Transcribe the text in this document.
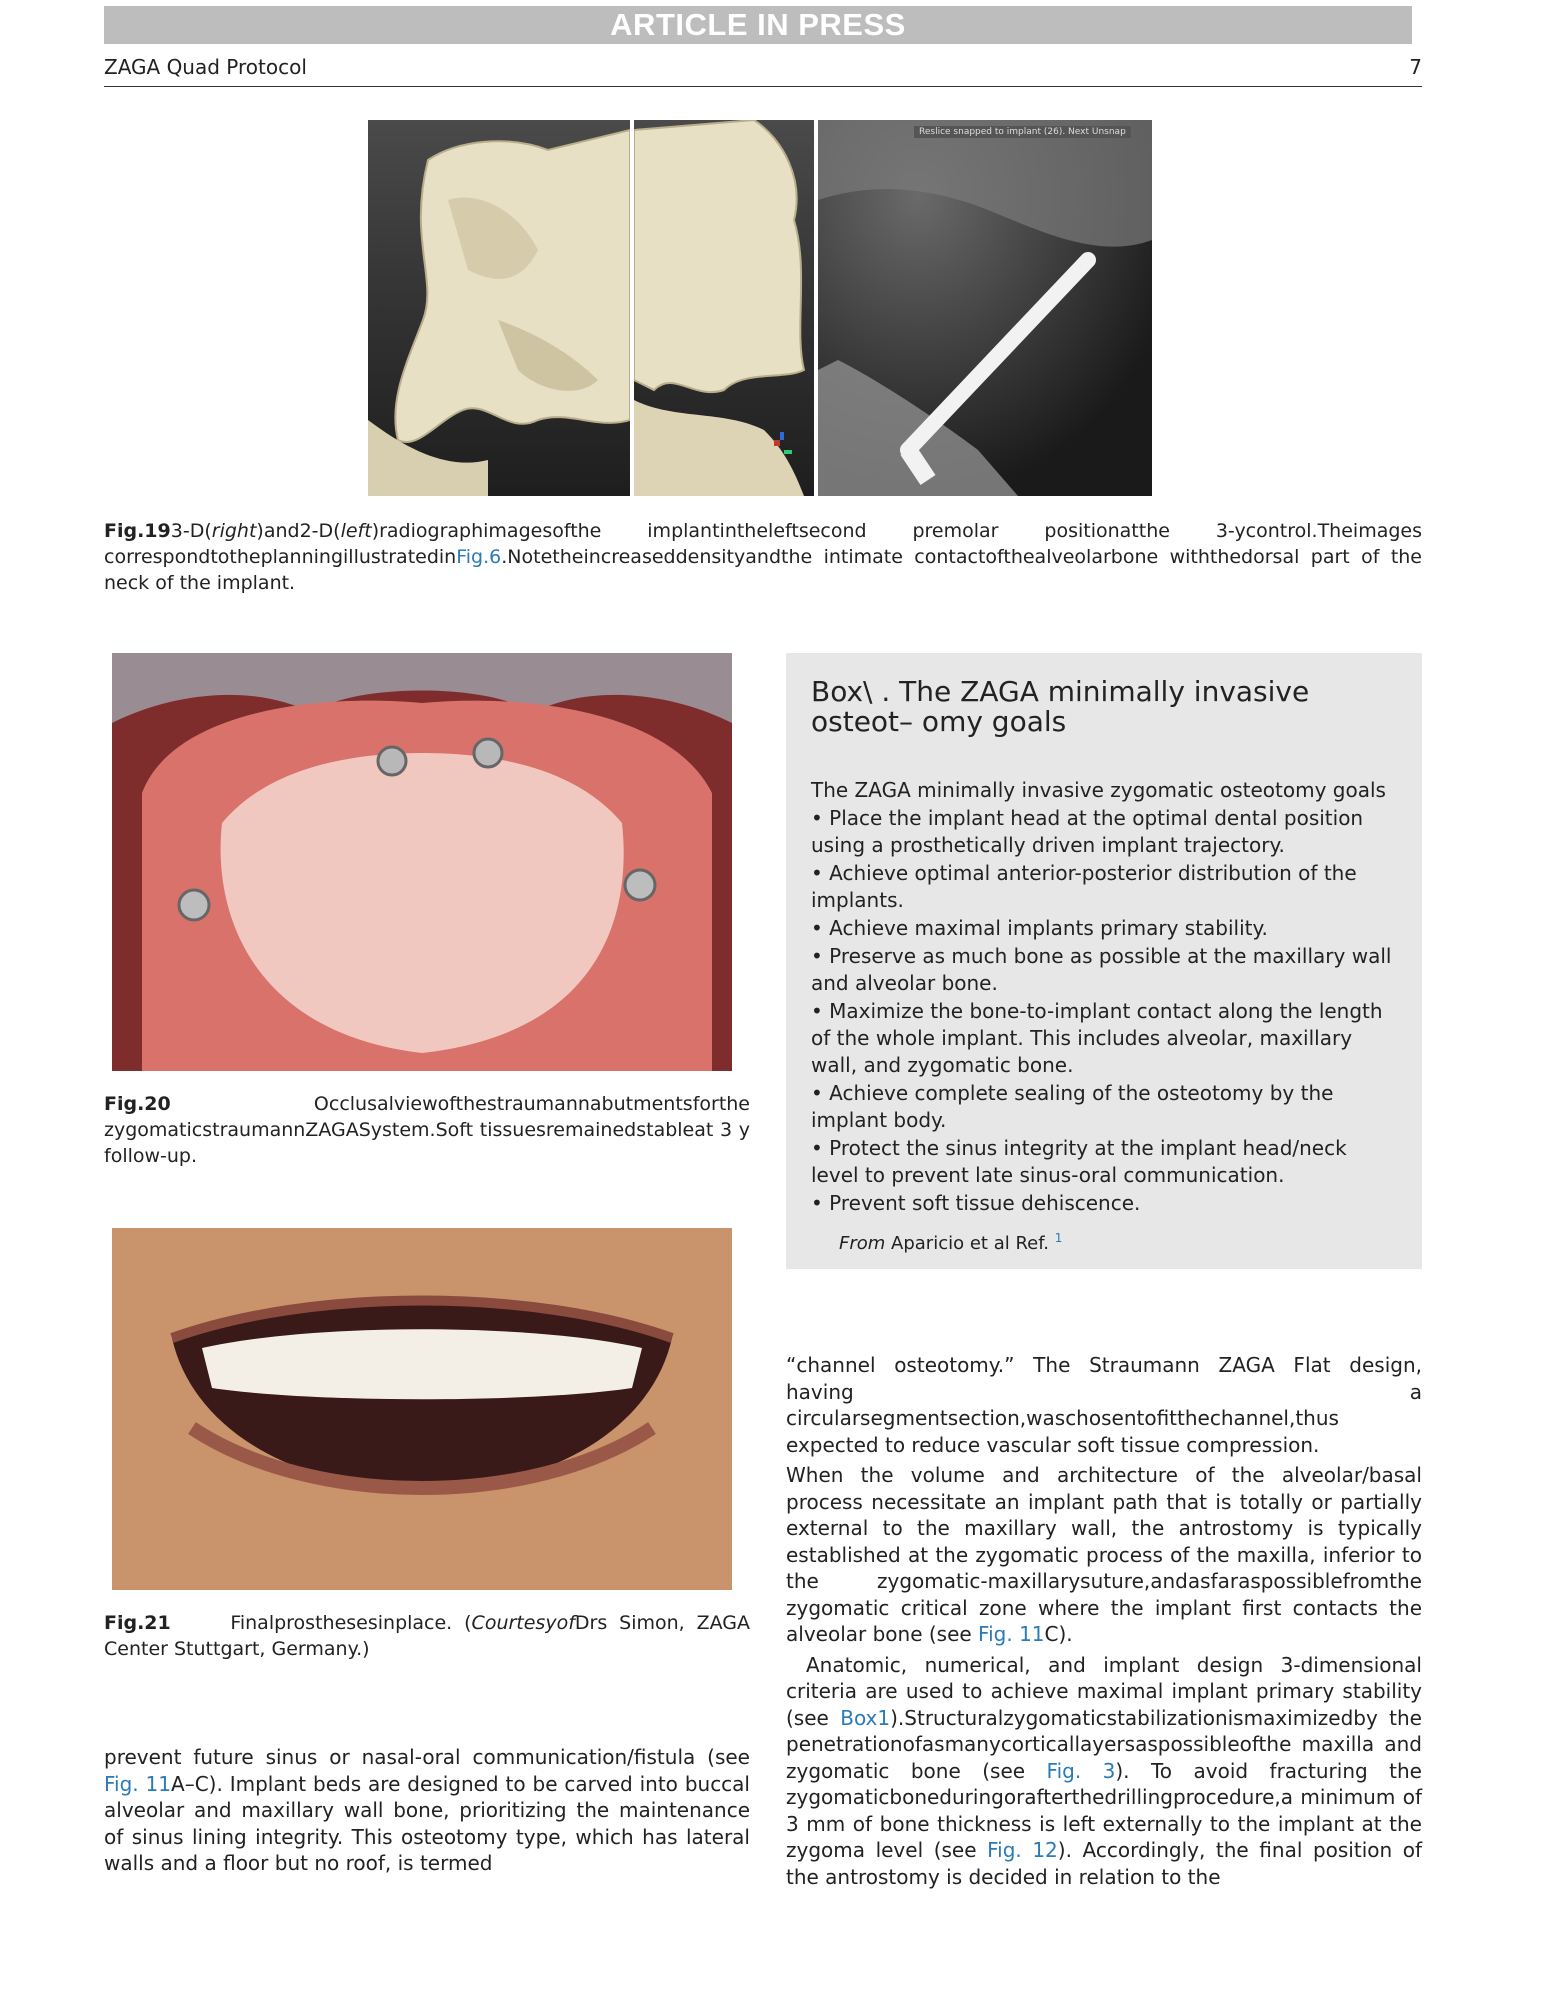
ARTICLE IN PRESS
ZAGA Quad Protocol	7
Reslice snapped to implant (26). Next Unsnap
Fig.193-D(right)and2-D(left)radiographimagesofthe implantintheleftsecond premolar positionatthe 3-ycontrol.Theimages correspondtotheplanningillustratedinFig.6.Notetheincreaseddensityandthe intimate contactofthealveolarbone withthedorsal part of the neck of the implant.
Fig.20	Occlusalviewofthestraumannabutmentsforthe zygomaticstraumannZAGASystem.Soft tissuesremainedstableat 3 y follow-up.
Fig.21	Finalprosthesesinplace. (CourtesyofDrs Simon, ZAGA Center Stuttgart, Germany.)
Box\ . The ZAGA minimally invasive osteot– omy goals
The ZAGA minimally invasive zygomatic osteotomy goals
• Place the implant head at the optimal dental position using a prosthetically driven implant trajectory.
• Achieve optimal anterior-posterior distribution of the implants.
• Achieve maximal implants primary stability.
• Preserve as much bone as possible at the maxillary wall and alveolar bone.
• Maximize the bone-to-implant contact along the length of the whole implant. This includes alveolar, maxillary wall, and zygomatic bone.
• Achieve complete sealing of the osteotomy by the implant body.
• Protect the sinus integrity at the implant head/neck level to prevent late sinus-oral communication.
• Prevent soft tissue dehiscence.
From Aparicio et al Ref. $^1$

prevent future sinus or nasal-oral communication/fistula (see Fig. 11A–C). Implant beds are designed to be carved into buccal alveolar and maxillary wall bone, prioritizing the maintenance of sinus lining integrity. This osteotomy type, which has lateral walls and a floor but no roof, is termed

“channel osteotomy.” The Straumann ZAGA Flat design, having a circularsegmentsection,waschosentofitthechannel,thus expected to reduce vascular soft tissue compression.

When the volume and architecture of the alveolar/basal process necessitate an implant path that is totally or partially external to the maxillary wall, the antrostomy is typically established at the zygomatic process of the maxilla, inferior to the zygomatic-maxillarysuture,andasfaraspossiblefromthe zygomatic critical zone where the implant first contacts the alveolar bone (see Fig. 11C).

Anatomic, numerical, and implant design 3-dimensional criteria are used to achieve maximal implant primary stability (see Box1).Structuralzygomaticstabilizationismaximizedby the penetrationofasmanycorticallayersaspossibleofthe maxilla and zygomatic bone (see Fig. 3). To avoid fracturing the zygomaticboneduringorafterthedrillingprocedure,a minimum of 3 mm of bone thickness is left externally to the implant at the zygoma level (see Fig. 12). Accordingly, the final position of the antrostomy is decided in relation to the
